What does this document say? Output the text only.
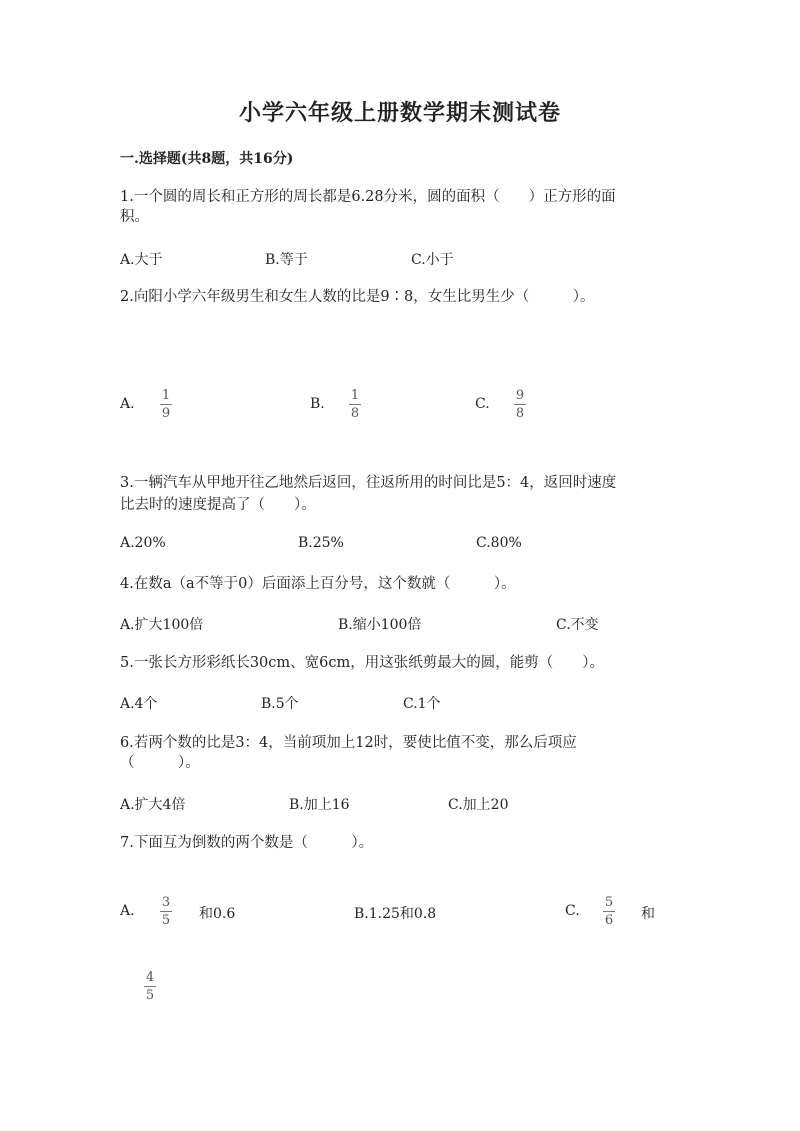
小学六年级上册数学期末测试卷
一.选择题(共8题，共16分)
1.一个圆的周长和正方形的周长都是6.28分米，圆的面积（　　）正方形的面
积。
A.大于	B.等于	C.小于
2.向阳小学六年级男生和女生人数的比是9∶8，女生比男生少（　　　）。
A.
1
9
B.
1
8
C.
9
8
3.一辆汽车从甲地开往乙地然后返回，往返所用的时间比是5：4，返回时速度
比去时的速度提高了（　　）。
A.20%	B.25%	C.80%
4.在数a（a不等于0）后面添上百分号，这个数就（　　　）。
A.扩大100倍	B.缩小100倍	C.不变
5.一张长方形彩纸长30cm、宽6cm，用这张纸剪最大的圆，能剪（　　）。
A.4个	B.5个	C.1个
6.若两个数的比是3：4，当前项加上12时，要使比值不变，那么后项应
（　　　）。
A.扩大4倍	B.加上16	C.加上20
7.下面互为倒数的两个数是（　　　）。
A.
3
5 和0.6	B.1.25和0.8	C.
5
6 和
4
5
